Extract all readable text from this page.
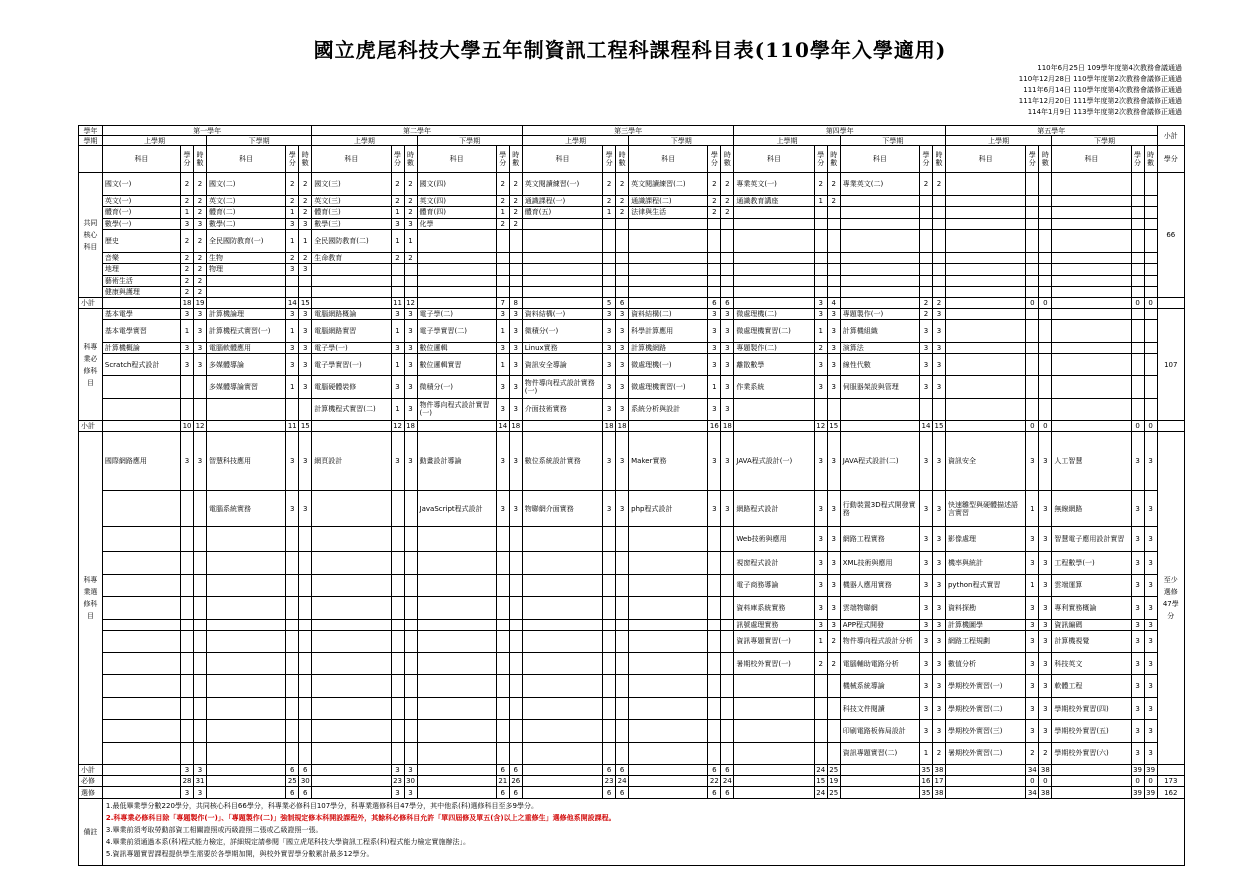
國立虎尾科技大學五年制資訊工程科課程科目表(110學年入學適用)
110年6月25日 109學年度第4次教務會議通過
110年12月28日 110學年度第2次教務會議修正通過
111年6月14日 110學年度第4次教務會議修正通過
111年12月20日 111學年度第2次教務會議修正通過
114年1月9日 113學年度第2次教務會議修正通過
學年	第一學年						第二學年						第三學年						第四學年						第五學年						小計
學期	上學期			下學期			上學期			下學期			上學期			下學期			上學期			下學期			上學期			下學期			
	科目	學分	時數	科目	學分	時數	科目	學分	時數	科目	學分	時數	科目	學分	時數	科目	學分	時數	科目	學分	時數	科目	學分	時數	科目	學分	時數	科目	學分	時數	學分
共同核心科目	國文(一)	2	2	國文(二)	2	2	國文(三)	2	2	國文(四)	2	2	英文閱讀練習(一)	2	2	英文閱讀練習(二)	2	2	專業英文(一)	2	2	專業英文(二)	2	2							66
	英文(一)	2	2	英文(二)	2	2	英文(三)	2	2	英文(四)	2	2	通識課程(一)	2	2	通識課程(二)	2	2	通識教育講座	1	2										
	體育(一)	1	2	體育(二)	1	2	體育(三)	1	2	體育(四)	1	2	體育(五)	1	2	法律與生活	2	2													
	數學(一)	3	3	數學(二)	3	3	數學(三)	3	3	化學	2	2																			
	歷史	2	2	全民國防教育(一)	1	1	全民國防教育(二)	1	1																						
	音樂	2	2	生物	2	2	生命教育	2	2																						
	地理	2	2	物理	3	3																									
	藝術生活	2	2																												
	健康與護理	2	2																												
小計		18	19		14	15		11	12		7	8		5	6		6	6		3	4		2	2		0	0		0	0	
科專業必修科目	基本電學	3	3	計算機論理	3	3	電腦網路概論	3	3	電子學(二)	3	3	資料結構(一)	3	3	資料結構(二)	3	3	微處理機(二)	3	3	專題製作(一)	2	3							107
	基本電學實習	1	3	計算機程式實習(一)	1	3	電腦網路實習	1	3	電子學實習(二)	1	3	微積分(一)	3	3	科學計算應用	3	3	微處理機實習(二)	1	3	計算機組織	3	3							
	計算機概論	3	3	電腦軟體應用	3	3	電子學(一)	3	3	數位邏輯	3	3	Linux實務	3	3	計算機網路	3	3	專題製作(二)	2	3	演算法	3	3							
	Scratch程式設計	3	3	多媒體導論	3	3	電子學實習(一)	1	3	數位邏輯實習	1	3	資訊安全導論	3	3	微處理機(一)	3	3	離散數學	3	3	線性代數	3	3							
				多媒體導論實習	1	3	電腦硬體裝修	3	3	微積分(一)	3	3	物件導向程式設計實務(一)	3	3	微處理機實習(一)	1	3	作業系統	3	3	伺服器架設與管理	3	3							
							計算機程式實習(二)	1	3	物件導向程式設計實習(一)	3	3	介面技術實務	3	3	系統分析與設計	3	3													
小計		10	12		11	15		12	18		14	18		18	18		16	18		12	15		14	15		0	0		0	0	
科專業選修科目	國際網路應用	3	3	智慧科技應用	3	3	網頁設計	3	3	動畫設計導論	3	3	數位系統設計實務	3	3	Maker實務	3	3	JAVA程式設計(一)	3	3	JAVA程式設計(二)	3	3	資訊安全	3	3	人工智慧	3	3	至少選修47學分
				電腦系統實務	3	3				JavaScript程式設計	3	3	物聯網介面實務	3	3	php程式設計	3	3	網路程式設計	3	3	行動裝置3D程式開發實務	3	3	快速雛型與硬體描述語言實習	1	3	無線網路	3	3	
																			Web技術與應用	3	3	網路工程實務	3	3	影像處理	3	3	智慧電子應用設計實習	3	3	
																			視窗程式設計	3	3	XML技術與應用	3	3	機率與統計	3	3	工程數學(一)	3	3	
																			電子商務導論	3	3	機器人應用實務	3	3	python程式實習	1	3	雲端運算	3	3	
																			資料庫系統實務	3	3	雲端物聯網	3	3	資料探勘	3	3	專利實務概論	3	3	
																			訊號處理實務	3	3	APP程式開發	3	3	計算機圖學	3	3	資訊編碼	3	3	
																			資訊專題實習(一)	1	2	物件導向程式設計分析	3	3	網路工程規劃	3	3	計算機視覺	3	3	
																			暑期校外實習(一)	2	2	電腦輔助電路分析	3	3	數值分析	3	3	科技英文	3	3	
																						機械系統導論	3	3	學期校外實習(一)	3	3	軟體工程	3	3	
																						科技文件閱讀	3	3	學期校外實習(二)	3	3	學期校外實習(四)	3	3	
																						印刷電路板佈局設計	3	3	學期校外實習(三)	3	3	學期校外實習(五)	3	3	
																						資訊專題實習(二)	1	2	暑期校外實習(二)	2	2	學期校外實習(六)	3	3	
小計		3	3		6	6		3	3		6	6		6	6		6	6		24	25		35	38		34	38		39	39	
必修		28	31		25	30		23	30		21	26		23	24		22	24		15	19		16	17		0	0		0	0	173
選修		3	3		6	6		3	3		6	6		6	6		6	6		24	25		35	38		34	38		39	39	162
備註	1.最低畢業學分數220學分，共同核心科目66學分，科專業必修科目107學分，科專業選修科目47學分，其中他系(科)選修科目至多9學分。
2.科專業必修科目除「專題製作(一)」、「專題製作(二)」強制規定修本科開設課程外，其餘科必修科目允許「單四屆修及單五(含)以上之重修生」選修他系開設課程。
3.畢業前須考取勞動部資工相關證照或丙級證照二張或乙級證照一張。
4.畢業前須通過本系(科)程式能力檢定，詳細規定請參閱「國立虎尾科技大學資訊工程系(科)程式能力檢定實施辦法」。
5.資訊專題實習課程提供學生需要於各學期加開，與校外實習學分數累計最多12學分。																														
